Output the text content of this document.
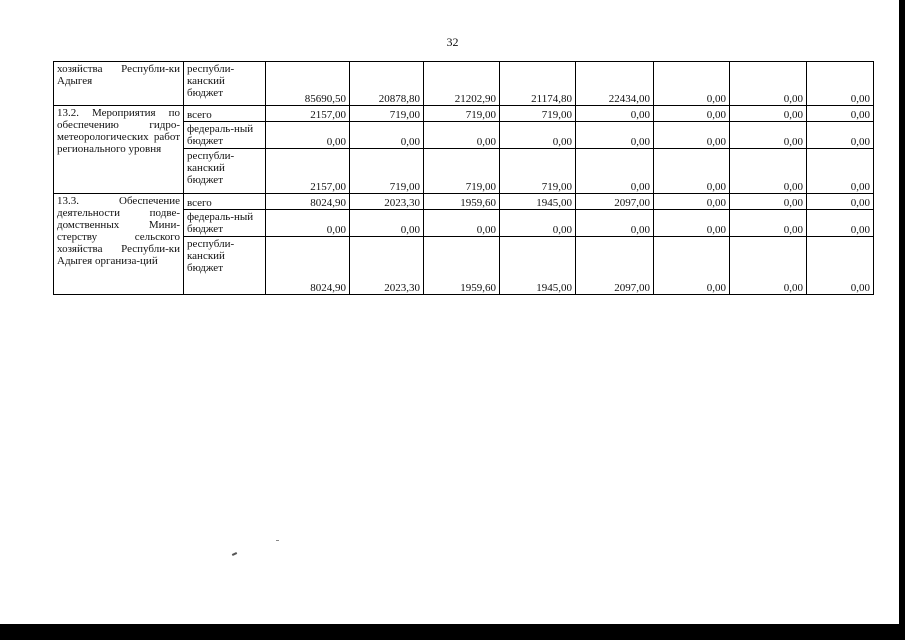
32
хозяйства Республи-ки Адыгея	республи-канский бюджет	85690,50	20878,80	21202,90	21174,80	22434,00	0,00	0,00	0,00
13.2. Мероприятия по обеспечению гидро-метеорологических работ регионального уровня	всего	2157,00	719,00	719,00	719,00	0,00	0,00	0,00	0,00
	федераль-ный бюджет	0,00	0,00	0,00	0,00	0,00	0,00	0,00	0,00
	республи-канский бюджет	2157,00	719,00	719,00	719,00	0,00	0,00	0,00	0,00
13.3. Обеспечение деятельности подве-домственных Мини-стерству сельского хозяйства Республи-ки Адыгея организа-ций	всего	8024,90	2023,30	1959,60	1945,00	2097,00	0,00	0,00	0,00
	федераль-ный бюджет	0,00	0,00	0,00	0,00	0,00	0,00	0,00	0,00
	республи-канский бюджет	8024,90	2023,30	1959,60	1945,00	2097,00	0,00	0,00	0,00
